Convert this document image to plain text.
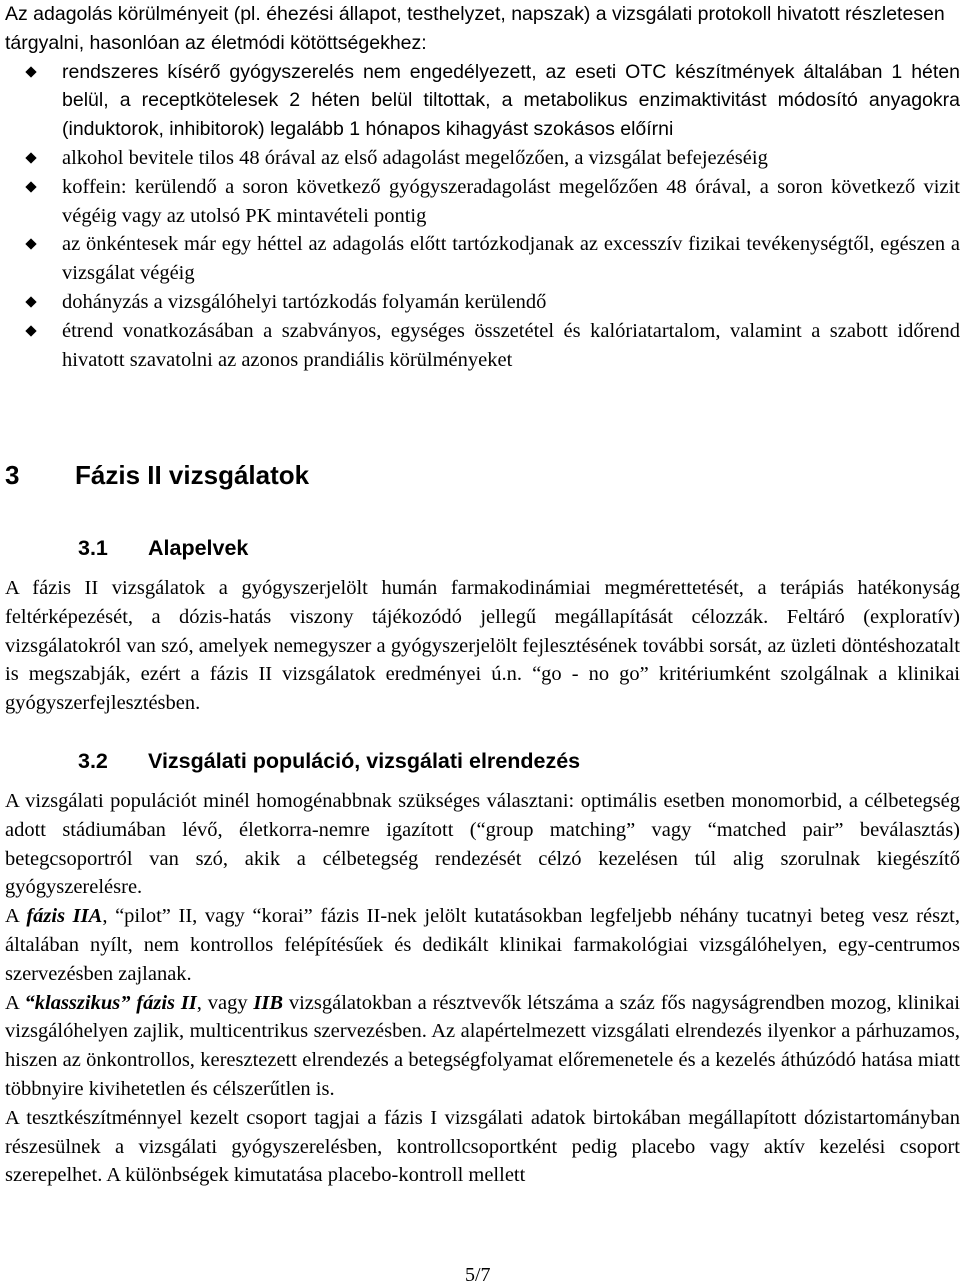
Az adagolás körülményeit (pl. éhezési állapot, testhelyzet, napszak) a vizsgálati protokoll hivatott részletesen tárgyalni, hasonlóan az életmódi kötöttségekhez:

rendszeres kísérő gyógyszerelés nem engedélyezett, az eseti OTC készítmények általában 1 héten belül, a receptkötelesek 2 héten belül tiltottak, a metabolikus enzimaktivitást módosító anyagokra (induktorok, inhibitorok) legalább 1 hónapos kihagyást szokásos előírni
alkohol bevitele tilos 48 órával az első adagolást megelőzően, a vizsgálat befejezéséig
koffein: kerülendő a soron következő gyógyszeradagolást megelőzően 48 órával, a soron következő vizit végéig vagy az utolsó PK mintavételi pontig
az önkéntesek már egy héttel az adagolás előtt tartózkodjanak az excesszív fizikai tevékenységtől, egészen a vizsgálat végéig
dohányzás a vizsgálóhelyi tartózkodás folyamán kerülendő
étrend vonatkozásában a szabványos, egységes összetétel és kalóriatartalom, valamint a szabott időrend hivatott szavatolni az azonos prandiális körülményeket
3 Fázis II vizsgálatok
3.1 Alapelvek

A fázis II vizsgálatok a gyógyszerjelölt humán farmakodinámiai megmérettetését, a terápiás hatékonyság feltérképezését, a dózis-hatás viszony tájékozódó jellegű megállapítását célozzák. Feltáró (exploratív) vizsgálatokról van szó, amelyek nemegyszer a gyógyszerjelölt fejlesztésének további sorsát, az üzleti döntéshozatalt is megszabják, ezért a fázis II vizsgálatok eredményei ú.n. “go - no go” kritériumként szolgálnak a klinikai gyógyszerfejlesztésben.

3.2 Vizsgálati populáció, vizsgálati elrendezés

A vizsgálati populációt minél homogénabbnak szükséges választani: optimális esetben monomorbid, a célbetegség adott stádiumában lévő, életkorra-nemre igazított (“group matching” vagy “matched pair” beválasztás) betegcsoportról van szó, akik a célbetegség rendezését célzó kezelésen túl alig szorulnak kiegészítő gyógyszerelésre.

A fázis IIA, “pilot” II, vagy “korai” fázis II-nek jelölt kutatásokban legfeljebb néhány tucatnyi beteg vesz részt, általában nyílt, nem kontrollos felépítésűek és dedikált klinikai farmakológiai vizsgálóhelyen, egy-centrumos szervezésben zajlanak.

A “klasszikus” fázis II, vagy IIB vizsgálatokban a résztvevők létszáma a száz fős nagyságrendben mozog, klinikai vizsgálóhelyen zajlik, multicentrikus szervezésben. Az alapértelmezett vizsgálati elrendezés ilyenkor a párhuzamos, hiszen az önkontrollos, keresztezett elrendezés a betegségfolyamat előremenetele és a kezelés áthúzódó hatása miatt többnyire kivihetetlen és célszerűtlen is.

A tesztkészítménnyel kezelt csoport tagjai a fázis I vizsgálati adatok birtokában megállapított dózistartományban részesülnek a vizsgálati gyógyszerelésben, kontrollcsoportként pedig placebo vagy aktív kezelési csoport szerepelhet. A különbségek kimutatása placebo-kontroll mellett

5/7
